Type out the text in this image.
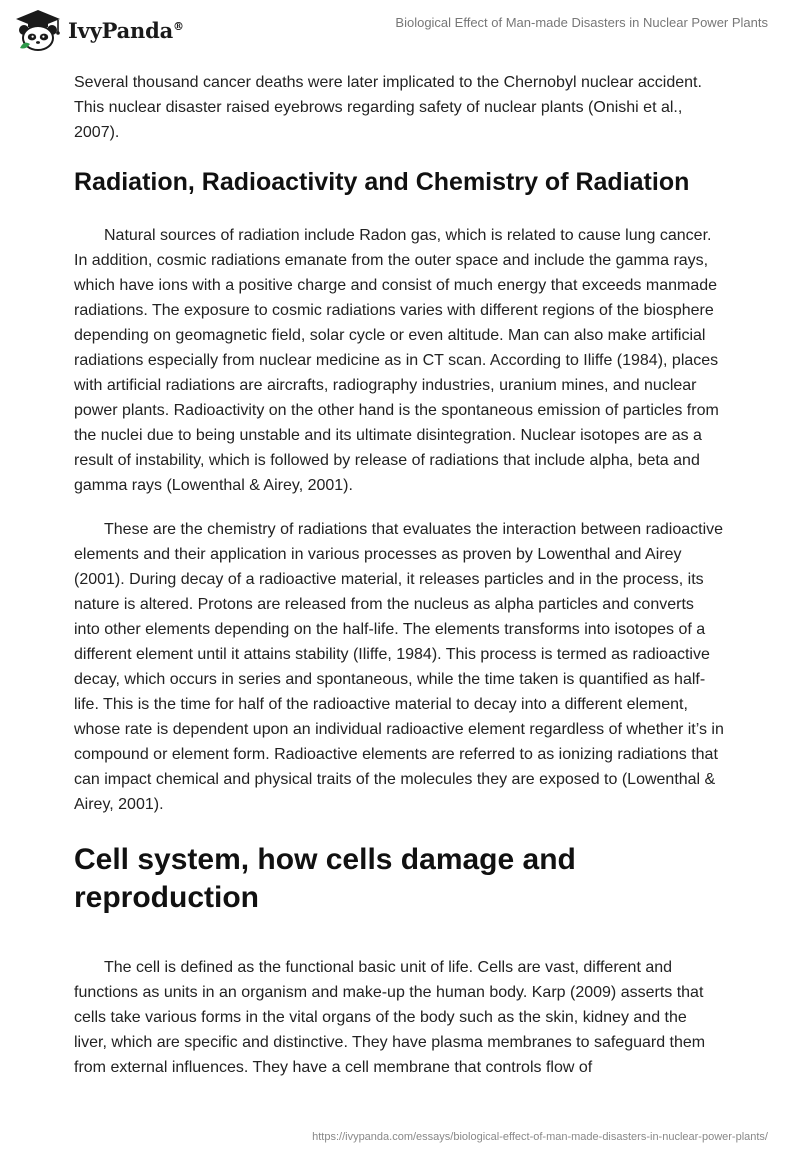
IvyPanda®	Biological Effect of Man-made Disasters in Nuclear Power Plants

Several thousand cancer deaths were later implicated to the Chernobyl nuclear accident. This nuclear disaster raised eyebrows regarding safety of nuclear plants (Onishi et al., 2007).

Radiation, Radioactivity and Chemistry of Radiation

Natural sources of radiation include Radon gas, which is related to cause lung cancer. In addition, cosmic radiations emanate from the outer space and include the gamma rays, which have ions with a positive charge and consist of much energy that exceeds manmade radiations. The exposure to cosmic radiations varies with different regions of the biosphere depending on geomagnetic field, solar cycle or even altitude. Man can also make artificial radiations especially from nuclear medicine as in CT scan. According to Iliffe (1984), places with artificial radiations are aircrafts, radiography industries, uranium mines, and nuclear power plants. Radioactivity on the other hand is the spontaneous emission of particles from the nuclei due to being unstable and its ultimate disintegration. Nuclear isotopes are as a result of instability, which is followed by release of radiations that include alpha, beta and gamma rays (Lowenthal & Airey, 2001).

These are the chemistry of radiations that evaluates the interaction between radioactive elements and their application in various processes as proven by Lowenthal and Airey (2001). During decay of a radioactive material, it releases particles and in the process, its nature is altered. Protons are released from the nucleus as alpha particles and converts into other elements depending on the half-life. The elements transforms into isotopes of a different element until it attains stability (Iliffe, 1984). This process is termed as radioactive decay, which occurs in series and spontaneous, while the time taken is quantified as half-life. This is the time for half of the radioactive material to decay into a different element, whose rate is dependent upon an individual radioactive element regardless of whether it’s in compound or element form. Radioactive elements are referred to as ionizing radiations that can impact chemical and physical traits of the molecules they are exposed to (Lowenthal & Airey, 2001).

Cell system, how cells damage and reproduction

The cell is defined as the functional basic unit of life. Cells are vast, different and functions as units in an organism and make-up the human body. Karp (2009) asserts that cells take various forms in the vital organs of the body such as the skin, kidney and the liver, which are specific and distinctive. They have plasma membranes to safeguard them from external influences. They have a cell membrane that controls flow of

https://ivypanda.com/essays/biological-effect-of-man-made-disasters-in-nuclear-power-plants/
